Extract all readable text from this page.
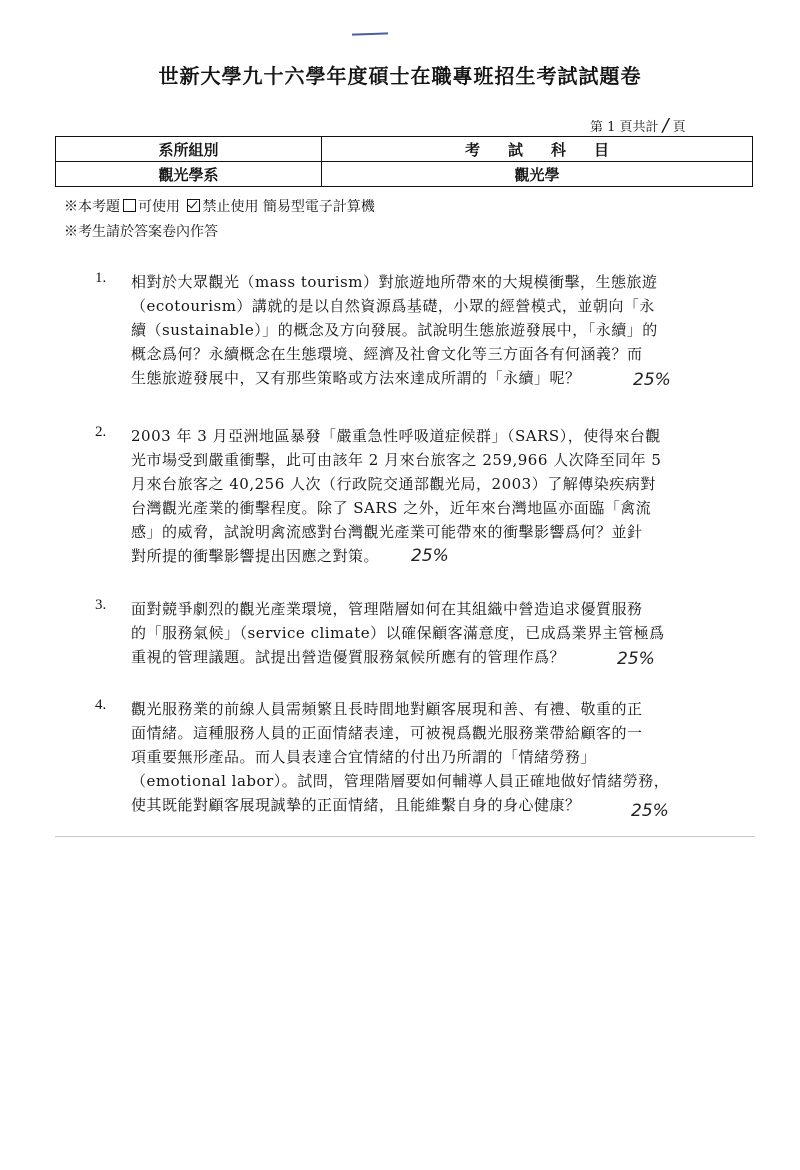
世新大學九十六學年度碩士在職專班招生考試試題卷
第 1 頁共計 / 頁
系所組別	考試科目
觀光學系	觀光學
※本考題 可使用 禁止使用 簡易型電子計算機
※考生請於答案卷內作答
1. 相對於大眾觀光（mass tourism）對旅遊地所帶來的大規模衝擊，生態旅遊
（ecotourism）講就的是以自然資源爲基礎，小眾的經營模式，並朝向「永
續（sustainable）」的概念及方向發展。試說明生態旅遊發展中，「永續」的
概念爲何？永續概念在生態環境、經濟及社會文化等三方面各有何涵義？而
生態旅遊發展中，又有那些策略或方法來達成所謂的「永續」呢？	25%
2. 2003 年 3 月亞洲地區暴發「嚴重急性呼吸道症候群」（SARS），使得來台觀
光市場受到嚴重衝擊，此可由該年 2 月來台旅客之 259,966 人次降至同年 5
月來台旅客之 40,256 人次（行政院交通部觀光局，2003）了解傳染疾病對
台灣觀光產業的衝擊程度。除了 SARS 之外，近年來台灣地區亦面臨「禽流
感」的威脅，試說明禽流感對台灣觀光產業可能帶來的衝擊影響爲何？並針
對所提的衝擊影響提出因應之對策。	25%
3. 面對競爭劇烈的觀光產業環境，管理階層如何在其組織中營造追求優質服務
的「服務氣候」（service climate）以確保顧客滿意度，已成爲業界主管極爲
重視的管理議題。試提出營造優質服務氣候所應有的管理作爲？	25%
4. 觀光服務業的前線人員需頻繁且長時間地對顧客展現和善、有禮、敬重的正
面情緒。這種服務人員的正面情緒表達，可被視爲觀光服務業帶給顧客的一
項重要無形產品。而人員表達合宜情緒的付出乃所謂的「情緒勞務」
（emotional labor）。試問，管理階層要如何輔導人員正確地做好情緒勞務，
使其既能對顧客展現誠摯的正面情緒，且能維繫自身的身心健康？	25%
